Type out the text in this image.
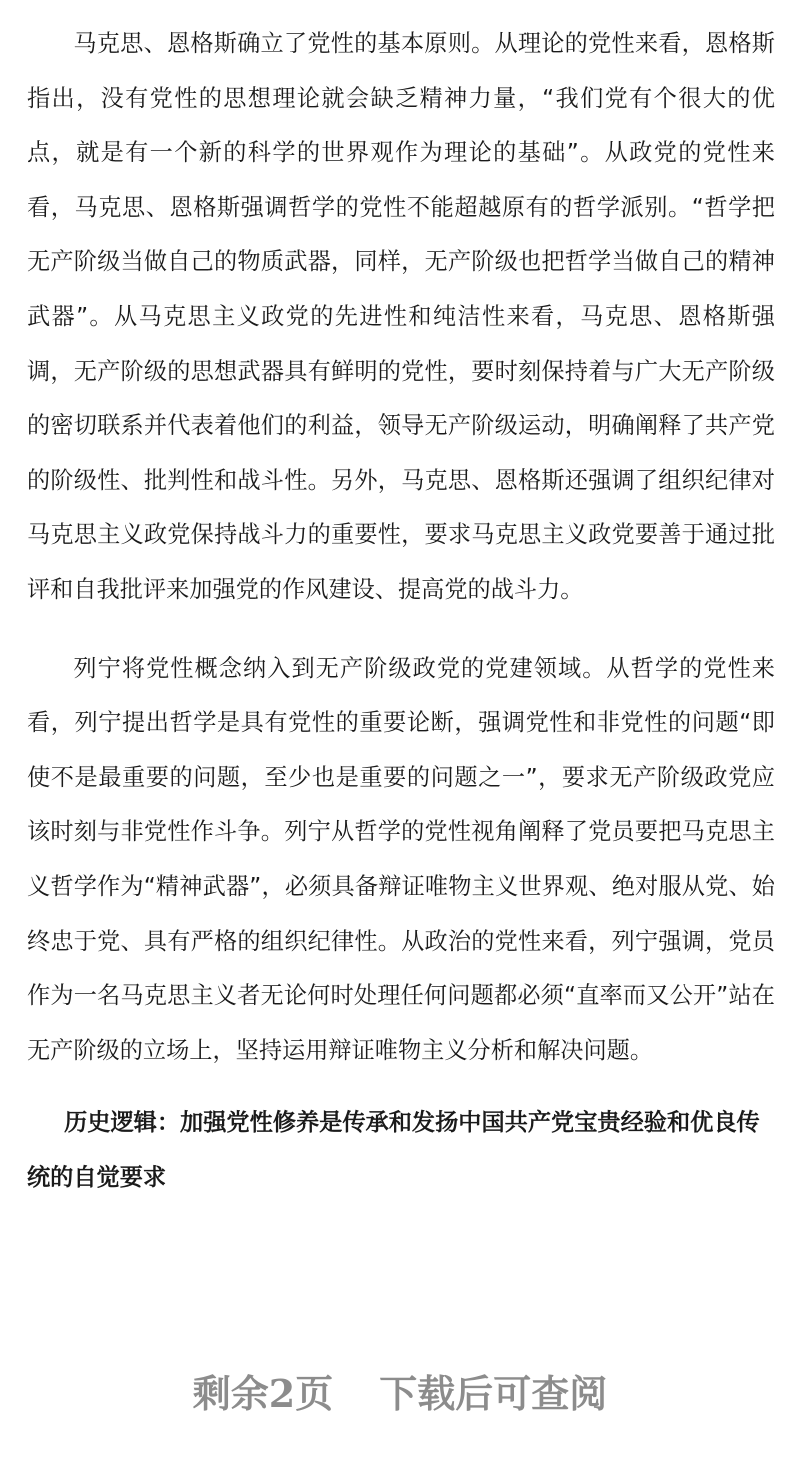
马克思、恩格斯确立了党性的基本原则。从理论的党性来看，恩格斯指出，没有党性的思想理论就会缺乏精神力量，“我们党有个很大的优点，就是有一个新的科学的世界观作为理论的基础”。从政党的党性来看，马克思、恩格斯强调哲学的党性不能超越原有的哲学派别。“哲学把无产阶级当做自己的物质武器，同样，无产阶级也把哲学当做自己的精神武器”。从马克思主义政党的先进性和纯洁性来看，马克思、恩格斯强调，无产阶级的思想武器具有鲜明的党性，要时刻保持着与广大无产阶级的密切联系并代表着他们的利益，领导无产阶级运动，明确阐释了共产党的阶级性、批判性和战斗性。另外，马克思、恩格斯还强调了组织纪律对马克思主义政党保持战斗力的重要性，要求马克思主义政党要善于通过批评和自我批评来加强党的作风建设、提高党的战斗力。

列宁将党性概念纳入到无产阶级政党的党建领域。从哲学的党性来看，列宁提出哲学是具有党性的重要论断，强调党性和非党性的问题“即使不是最重要的问题，至少也是重要的问题之一”，要求无产阶级政党应该时刻与非党性作斗争。列宁从哲学的党性视角阐释了党员要把马克思主义哲学作为“精神武器”，必须具备辩证唯物主义世界观、绝对服从党、始终忠于党、具有严格的组织纪律性。从政治的党性来看，列宁强调，党员作为一名马克思主义者无论何时处理任何问题都必须“直率而又公开”站在无产阶级的立场上，坚持运用辩证唯物主义分析和解决问题。

历史逻辑：加强党性修养是传承和发扬中国共产党宝贵经验和优良传统的自觉要求

剩余2页 下载后可查阅
